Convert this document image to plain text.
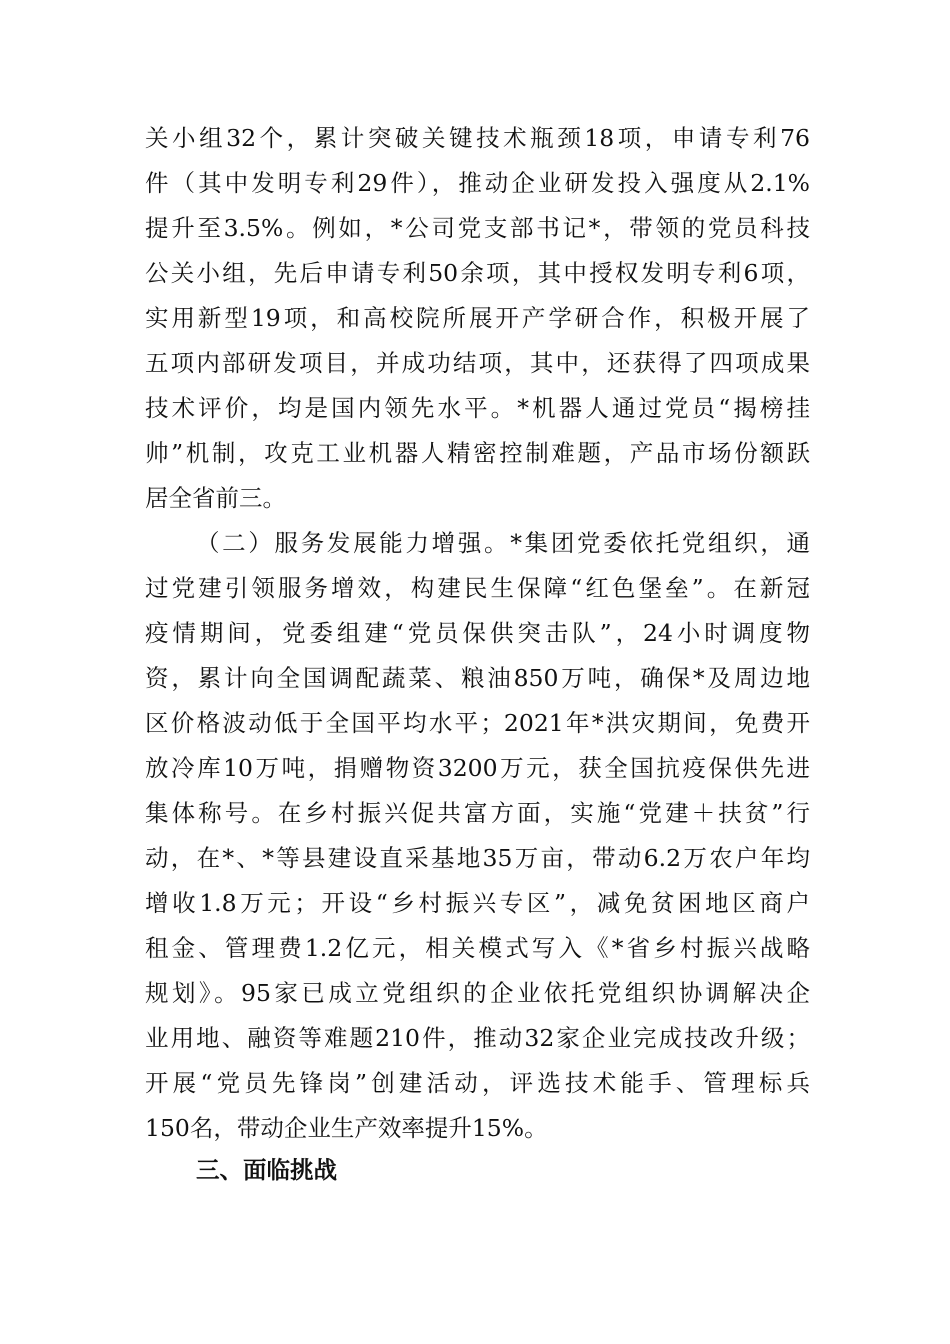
关小组32个，累计突破关键技术瓶颈18项，申请专利76
件（其中发明专利29件），推动企业研发投入强度从2.1%
提升至3.5%。例如，*公司党支部书记*，带领的党员科技
公关小组，先后申请专利50余项，其中授权发明专利6项，
实用新型19项，和高校院所展开产学研合作，积极开展了
五项内部研发项目，并成功结项，其中，还获得了四项成果
技术评价，均是国内领先水平。*机器人通过党员“揭榜挂
帅”机制，攻克工业机器人精密控制难题，产品市场份额跃
居全省前三。
（二）服务发展能力增强。*集团党委依托党组织，通
过党建引领服务增效，构建民生保障“红色堡垒”。在新冠
疫情期间，党委组建“党员保供突击队”，24小时调度物
资，累计向全国调配蔬菜、粮油850万吨，确保*及周边地
区价格波动低于全国平均水平；2021年*洪灾期间，免费开
放冷库10万吨，捐赠物资3200万元，获全国抗疫保供先进
集体称号。在乡村振兴促共富方面，实施“党建＋扶贫”行
动，在*、*等县建设直采基地35万亩，带动6.2万农户年均
增收1.8万元；开设“乡村振兴专区”，减免贫困地区商户
租金、管理费1.2亿元，相关模式写入《*省乡村振兴战略
规划》。95家已成立党组织的企业依托党组织协调解决企
业用地、融资等难题210件，推动32家企业完成技改升级；
开展“党员先锋岗”创建活动，评选技术能手、管理标兵
150名，带动企业生产效率提升15%。
三、面临挑战
